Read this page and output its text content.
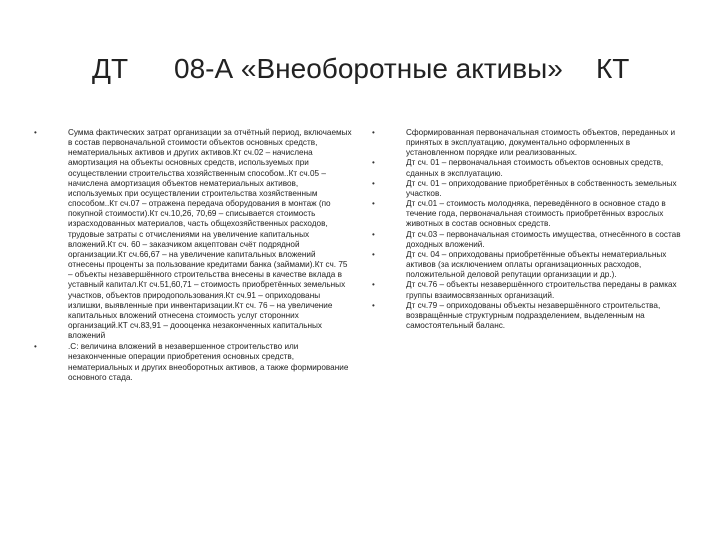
ДТ 08-А «Внеоборотные активы» КТ
•	Сумма фактических затрат организации за отчётный период, включаемых в состав первоначальной стоимости объектов основных средств, нематериальных активов и других активов.Кт сч.02 – начислена амортизация на объекты основных средств, используемых при осуществлении строительства хозяйственным способом..Кт сч.05 – начислена амортизация объектов нематериальных активов, используемых при осуществлении строительства хозяйственным способом..Кт сч.07 – отражена передача оборудования в монтаж (по покупной стоимости).Кт сч.10,26, 70,69 – списывается стоимость израсходованных материалов, часть общехозяйственных расходов, трудовые затраты с отчислениями на увеличение капитальных вложений.Кт сч. 60 – заказчиком акцептован счёт подрядной организации.Кт сч.66,67 – на увеличение капитальных вложений отнесены проценты за пользование кредитами банка (займами).Кт сч. 75 – объекты незавершённого строительства внесены в качестве вклада в уставный капитал.Кт сч.51,60,71 – стоимость приобретённых земельных участков, объектов природопользования.Кт сч.91 – оприходованы излишки, выявленные при инвентаризации.Кт сч. 76 – на увеличение капитальных вложений отнесена стоимость услуг сторонних организаций.КТ сч.83,91 – доооценка незаконченных капитальных вложений
•	.С: величина вложений в незавершенное строительство или незаконченные операции приобретения основных средств, нематериальных и других внеоборотных активов, а также формирование основного стада.
•	Сформированная первоначальная стоимость объектов, переданных и принятых в эксплуатацию, документально оформленных в установленном порядке или реализованных.
•	Дт сч. 01 – первоначальная стоимость объектов основных средств, сданных в эксплуатацию.
•	Дт сч. 01 – оприходование приобретённых в собственность земельных участков.
•	Дт сч.01 – стоимость молодняка, переведённого в основное стадо в течение года, первоначальная стоимость приобретённых взрослых животных в состав основных средств.
•	Дт сч.03 – первоначальная стоимость имущества, отнесённого в состав доходных вложений.
•	Дт сч. 04 – оприходованы приобретённые объекты нематериальных активов (за исключением оплаты организационных расходов, положительной деловой репутации организации и др.).
•	Дт сч.76 – объекты незавершённого строительства переданы в рамках группы взаимосвязанных организаций.
•	Дт сч.79 – оприходованы объекты незавершённого строительства, возвращённые структурным подразделением, выделенным на самостоятельный баланс.
